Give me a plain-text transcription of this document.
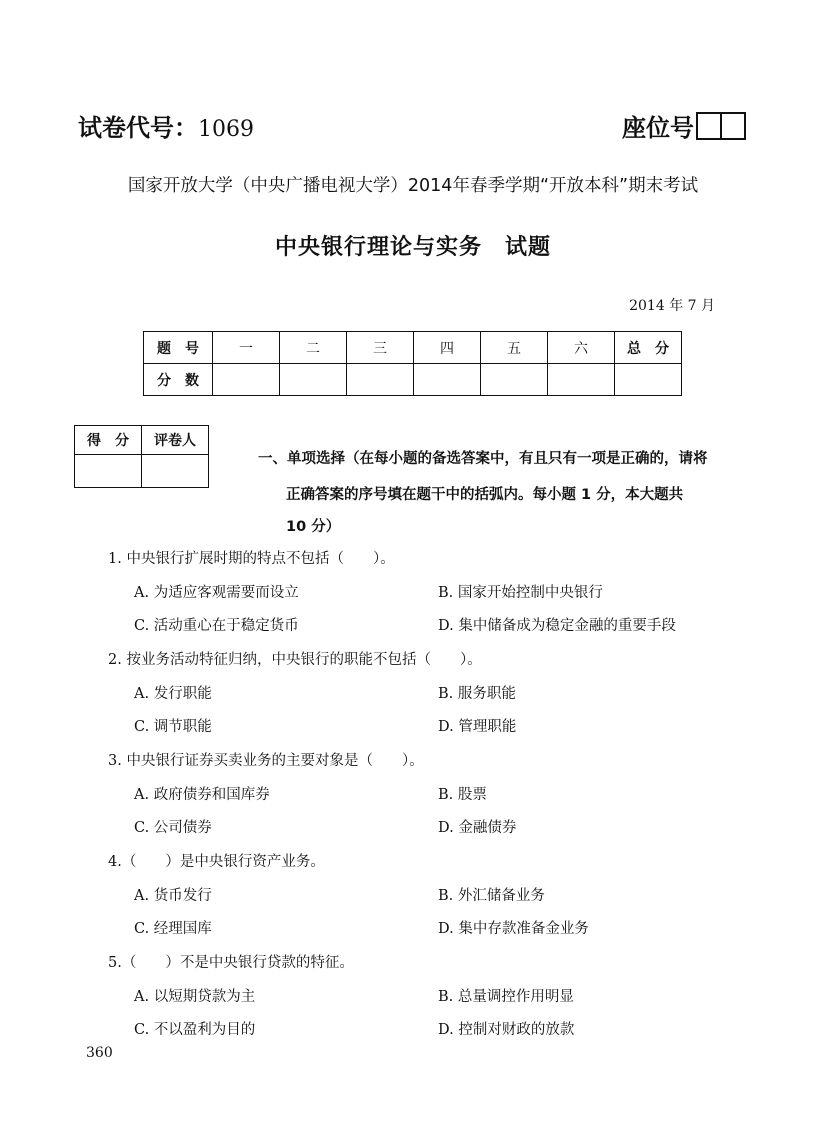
试卷代号：1069	座位号
国家开放大学（中央广播电视大学）2014年春季学期“开放本科”期末考试
中央银行理论与实务　试题
2014 年 7 月
题　号	一	二	三	四	五	六	总　分
分　数							
得　分	评卷人

一、单项选择（在每小题的备选答案中，有且只有一项是正确的，请将
正确答案的序号填在题干中的括弧内。每小题 1 分，本大题共
10 分）
1. 中央银行扩展时期的特点不包括（　　）。
A. 为适应客观需要而设立	B. 国家开始控制中央银行
C. 活动重心在于稳定货币	D. 集中储备成为稳定金融的重要手段
2. 按业务活动特征归纳，中央银行的职能不包括（　　）。
A. 发行职能	B. 服务职能
C. 调节职能	D. 管理职能
3. 中央银行证券买卖业务的主要对象是（　　）。
A. 政府债券和国库券	B. 股票
C. 公司债券	D. 金融债券
4.（　　）是中央银行资产业务。
A. 货币发行	B. 外汇储备业务
C. 经理国库	D. 集中存款准备金业务
5.（　　）不是中央银行贷款的特征。
A. 以短期贷款为主	B. 总量调控作用明显
C. 不以盈利为目的	D. 控制对财政的放款
360
